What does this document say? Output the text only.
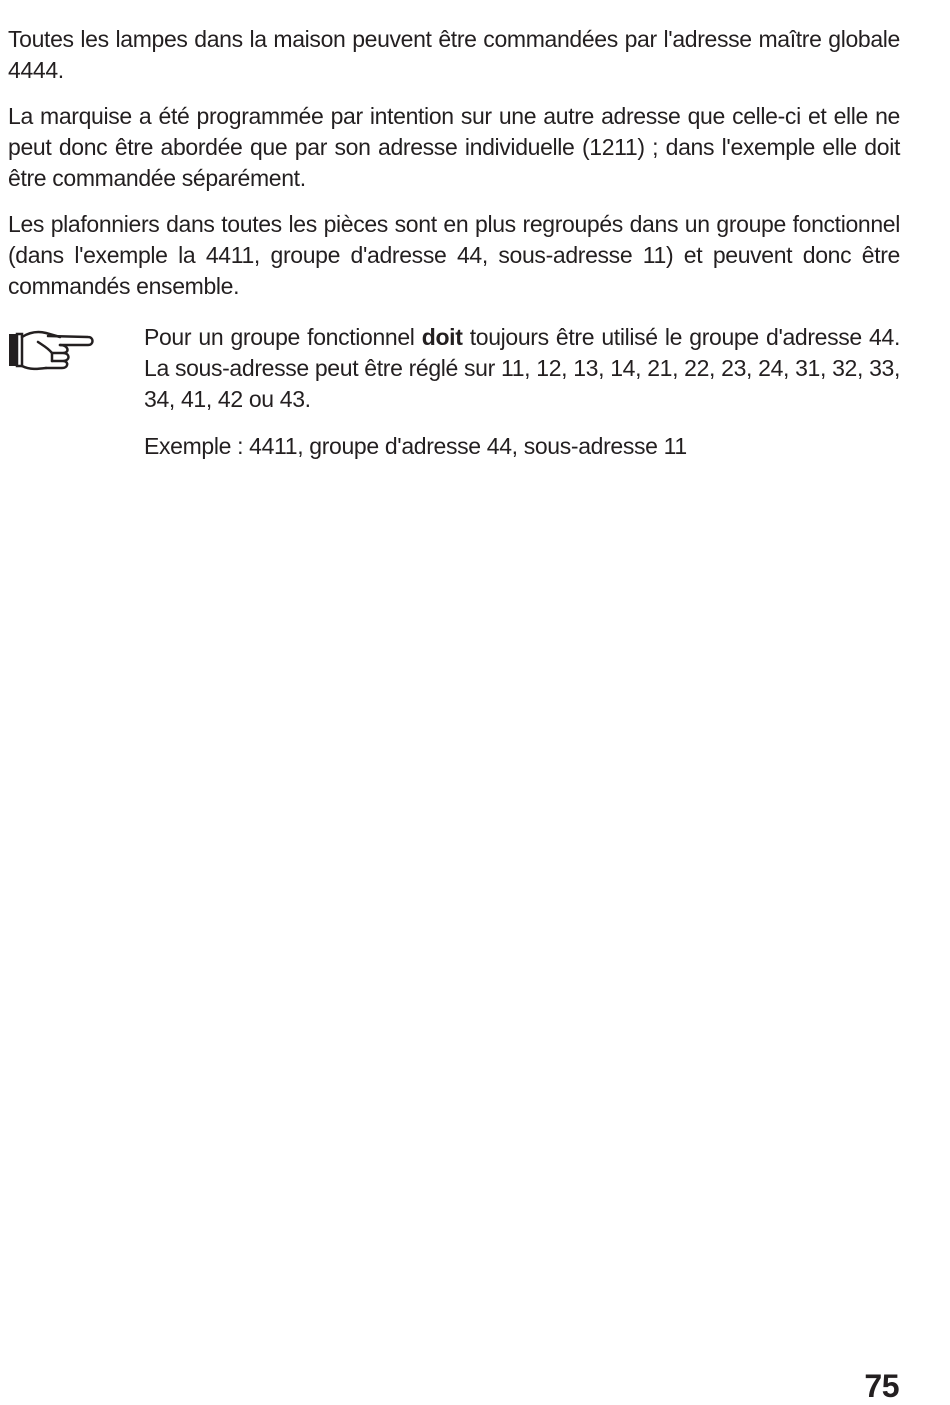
Toutes les lampes dans la maison peuvent être commandées par l'adresse maître globale 4444.

La marquise a été programmée par intention sur une autre adresse que celle-ci et elle ne peut donc être abordée que par son adresse individuelle (1211) ; dans l'exemple elle doit être commandée séparément.

Les plafonniers dans toutes les pièces sont en plus regroupés dans un groupe fonctionnel (dans l'exemple la 4411, groupe d'adresse 44, sous-adresse 11) et peuvent donc être commandés ensemble.

Pour un groupe fonctionnel doit toujours être utilisé le groupe d'adresse 44. La sous-adresse peut être réglé sur 11, 12, 13, 14, 21, 22, 23, 24, 31, 32, 33, 34, 41, 42 ou 43.

Exemple : 4411, groupe d'adresse 44, sous-adresse 11

75
